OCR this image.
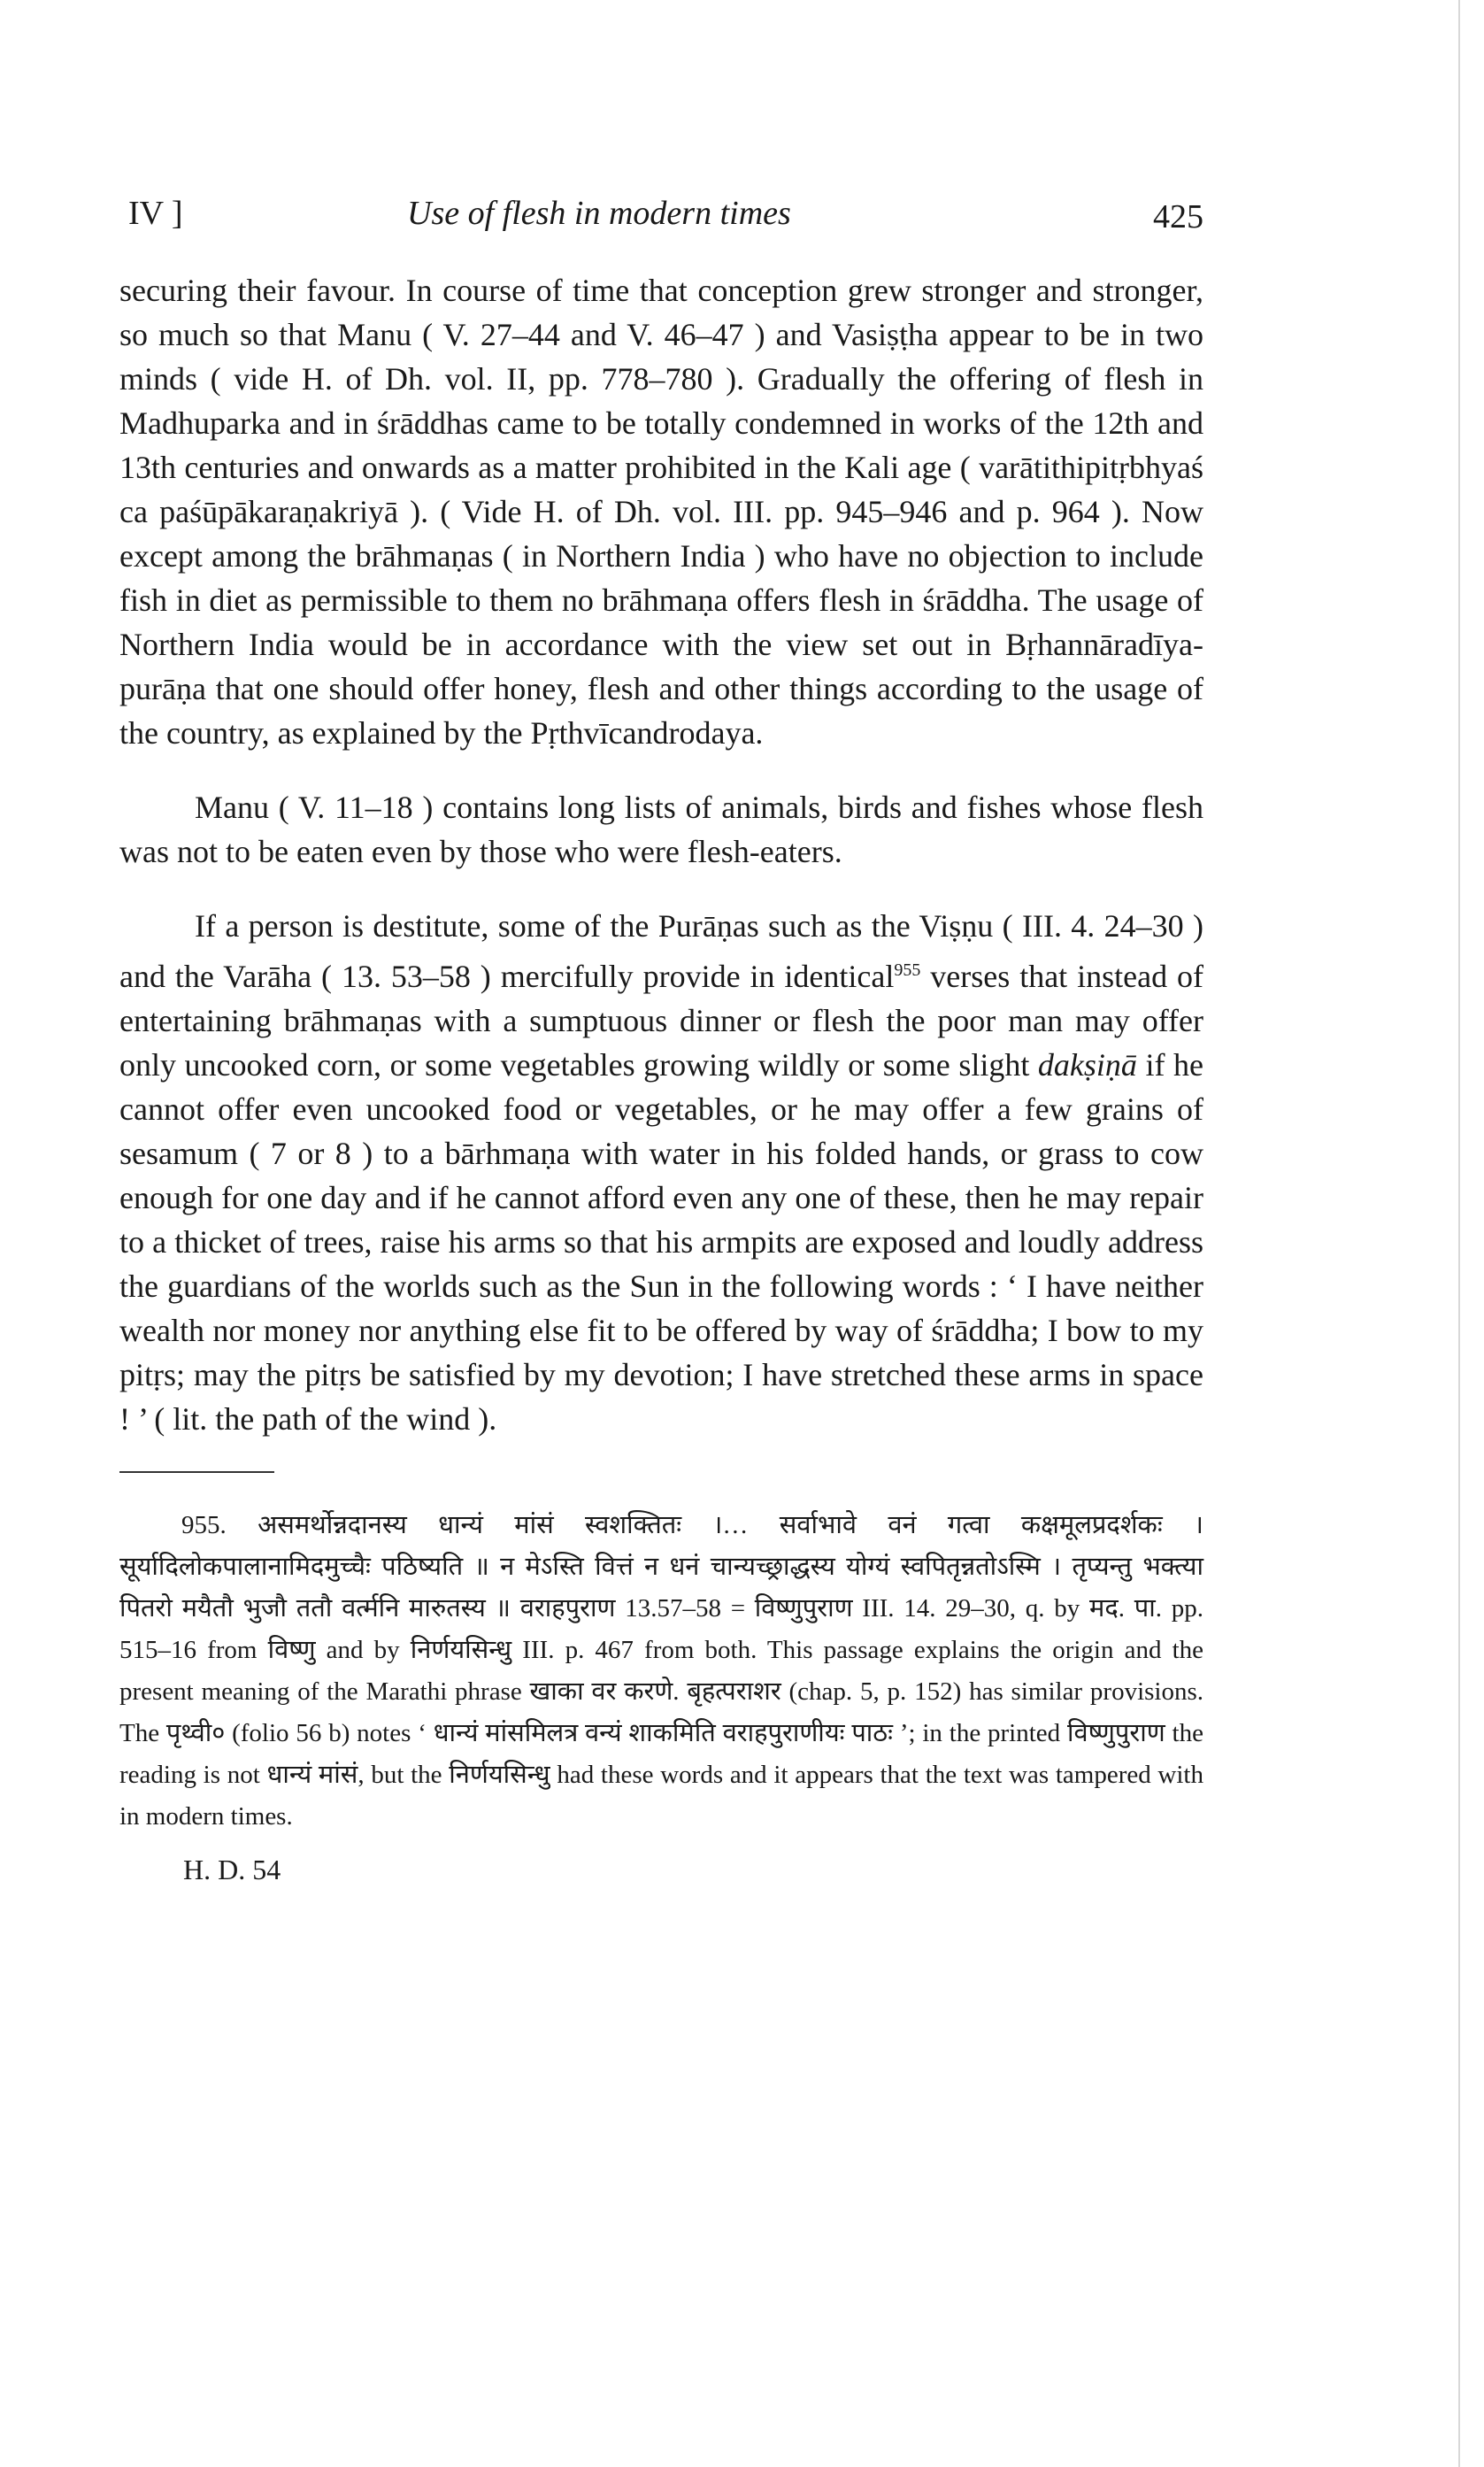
IV ]	Use of flesh in modern times	425

securing their favour. In course of time that conception grew stronger and stronger, so much so that Manu ( V. 27–44 and V. 46–47 ) and Vasiṣṭha appear to be in two minds ( vide H. of Dh. vol. II, pp. 778–780 ). Gradually the offering of flesh in Madhuparka and in śrāddhas came to be totally condemned in works of the 12th and 13th centuries and onwards as a matter prohibited in the Kali age ( varātithipitṛbhyaś ca paśūpākaraṇakriyā ). ( Vide H. of Dh. vol. III. pp. 945–946 and p. 964 ). Now except among the brāhmaṇas ( in Northern India ) who have no objection to include fish in diet as permissible to them no brāhmaṇa offers flesh in śrāddha. The usage of Northern India would be in accordance with the view set out in Bṛhannāradīya-purāṇa that one should offer honey, flesh and other things according to the usage of the country, as explained by the Pṛthvīcandrodaya.

Manu ( V. 11–18 ) contains long lists of animals, birds and fishes whose flesh was not to be eaten even by those who were flesh-eaters.

If a person is destitute, some of the Purāṇas such as the Viṣṇu ( III. 4. 24–30 ) and the Varāha ( 13. 53–58 ) mercifully provide in identical$^{955}$ verses that instead of entertaining brāhmaṇas with a sumptuous dinner or flesh the poor man may offer only uncooked corn, or some vegetables growing wildly or some slight dakṣiṇā if he cannot offer even uncooked food or vegetables, or he may offer a few grains of sesamum ( 7 or 8 ) to a bārhmaṇa with water in his folded hands, or grass to cow enough for one day and if he cannot afford even any one of these, then he may repair to a thicket of trees, raise his arms so that his armpits are exposed and loudly address the guardians of the worlds such as the Sun in the following words : ‘ I have neither wealth nor money nor anything else fit to be offered by way of śrāddha; I bow to my pitṛs; may the pitṛs be satisfied by my devotion; I have stretched these arms in space ! ’ ( lit. the path of the wind ).

955. असमर्थोन्नदानस्य धान्यं मांसं स्वशक्तितः ।… सर्वाभावे वनं गत्वा कक्षमूलप्रदर्शकः । सूर्यादिलोकपालानामिदमुच्चैः पठिष्यति ॥ न मेऽस्ति वित्तं न धनं चान्यच्छ्राद्धस्य योग्यं स्वपितृन्नतोऽस्मि । तृप्यन्तु भक्त्या पितरो मयैतौ भुजौ ततौ वर्त्मनि मारुतस्य ॥ वराहपुराण 13.57–58 = विष्णुपुराण III. 14. 29–30, q. by मद. पा. pp. 515–16 from विष्णु and by निर्णयसिन्धु III. p. 467 from both. This passage explains the origin and the present meaning of the Marathi phrase खाका वर करणे. बृहत्पराशर (chap. 5, p. 152) has similar provisions. The पृथ्वी० (folio 56 b) notes ‘ धान्यं मांसमिलत्र वन्यं शाकमिति वराहपुराणीयः पाठः ’; in the printed विष्णुपुराण the reading is not धान्यं मांसं, but the निर्णयसिन्धु had these words and it appears that the text was tampered with in modern times.
H. D. 54
